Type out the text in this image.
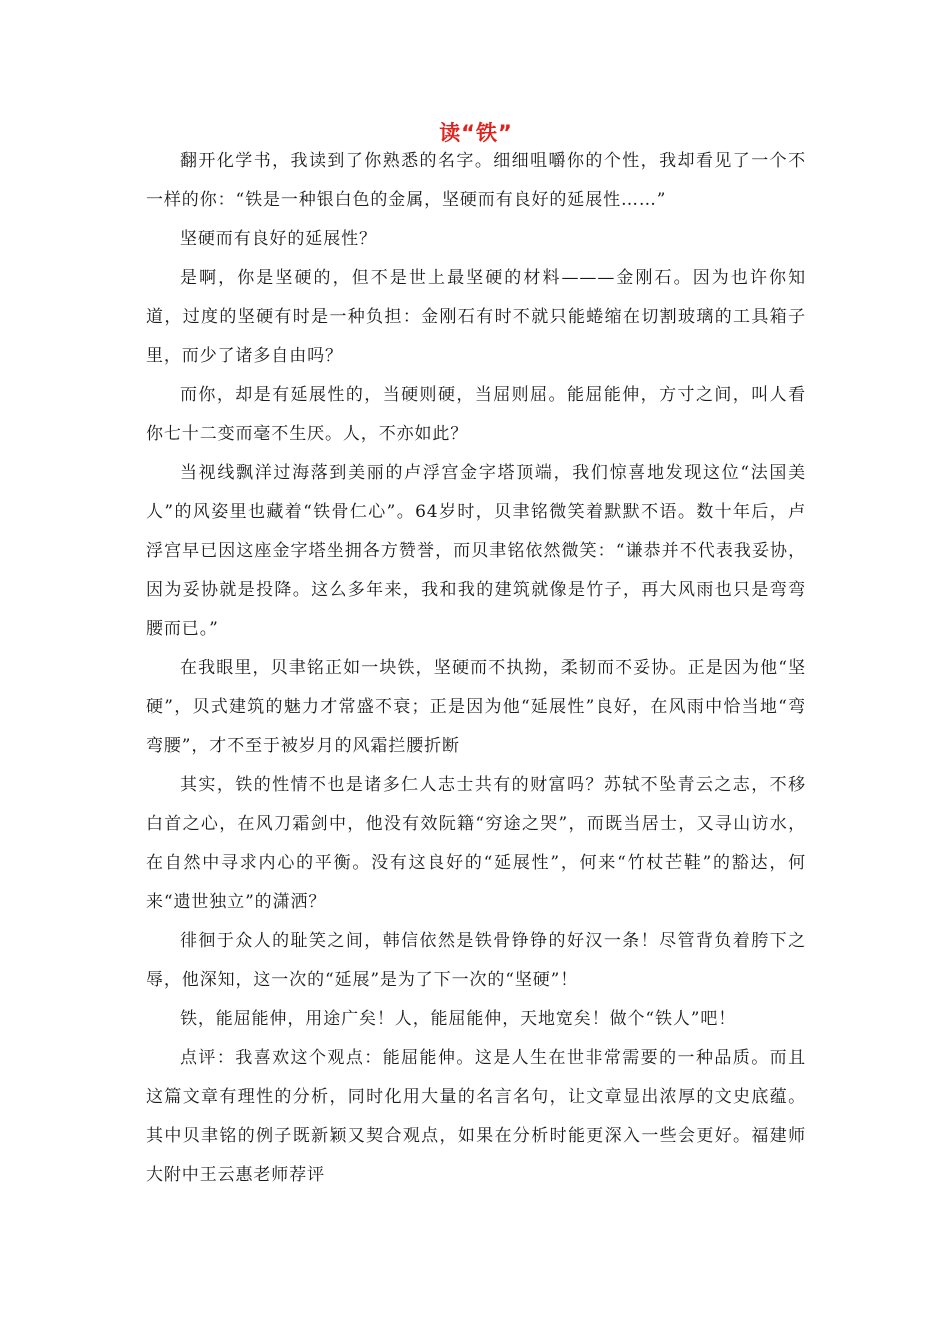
读“铁”

翻开化学书，我读到了你熟悉的名字。细细咀嚼你的个性，我却看见了一个不一样的你：“铁是一种银白色的金属，坚硬而有良好的延展性……”

坚硬而有良好的延展性？

是啊，你是坚硬的，但不是世上最坚硬的材料———金刚石。因为也许你知道，过度的坚硬有时是一种负担：金刚石有时不就只能蜷缩在切割玻璃的工具箱子里，而少了诸多自由吗？

而你，却是有延展性的，当硬则硬，当屈则屈。能屈能伸，方寸之间，叫人看你七十二变而毫不生厌。人，不亦如此？

当视线飘洋过海落到美丽的卢浮宫金字塔顶端，我们惊喜地发现这位“法国美人”的风姿里也藏着“铁骨仁心”。64岁时，贝聿铭微笑着默默不语。数十年后，卢浮宫早已因这座金字塔坐拥各方赞誉，而贝聿铭依然微笑：“谦恭并不代表我妥协，因为妥协就是投降。这么多年来，我和我的建筑就像是竹子，再大风雨也只是弯弯腰而已。”

在我眼里，贝聿铭正如一块铁，坚硬而不执拗，柔韧而不妥协。正是因为他“坚硬”，贝式建筑的魅力才常盛不衰；正是因为他“延展性”良好，在风雨中恰当地“弯弯腰”，才不至于被岁月的风霜拦腰折断

其实，铁的性情不也是诸多仁人志士共有的财富吗？苏轼不坠青云之志，不移白首之心，在风刀霜剑中，他没有效阮籍“穷途之哭”，而既当居士，又寻山访水，在自然中寻求内心的平衡。没有这良好的“延展性”，何来“竹杖芒鞋”的豁达，何来“遗世独立”的潇洒？

徘徊于众人的耻笑之间，韩信依然是铁骨铮铮的好汉一条！尽管背负着胯下之辱，他深知，这一次的“延展”是为了下一次的“坚硬”！

铁，能屈能伸，用途广矣！人，能屈能伸，天地宽矣！做个“铁人”吧！

点评：我喜欢这个观点：能屈能伸。这是人生在世非常需要的一种品质。而且这篇文章有理性的分析，同时化用大量的名言名句，让文章显出浓厚的文史底蕴。其中贝聿铭的例子既新颖又契合观点，如果在分析时能更深入一些会更好。福建师大附中王云惠老师荐评
